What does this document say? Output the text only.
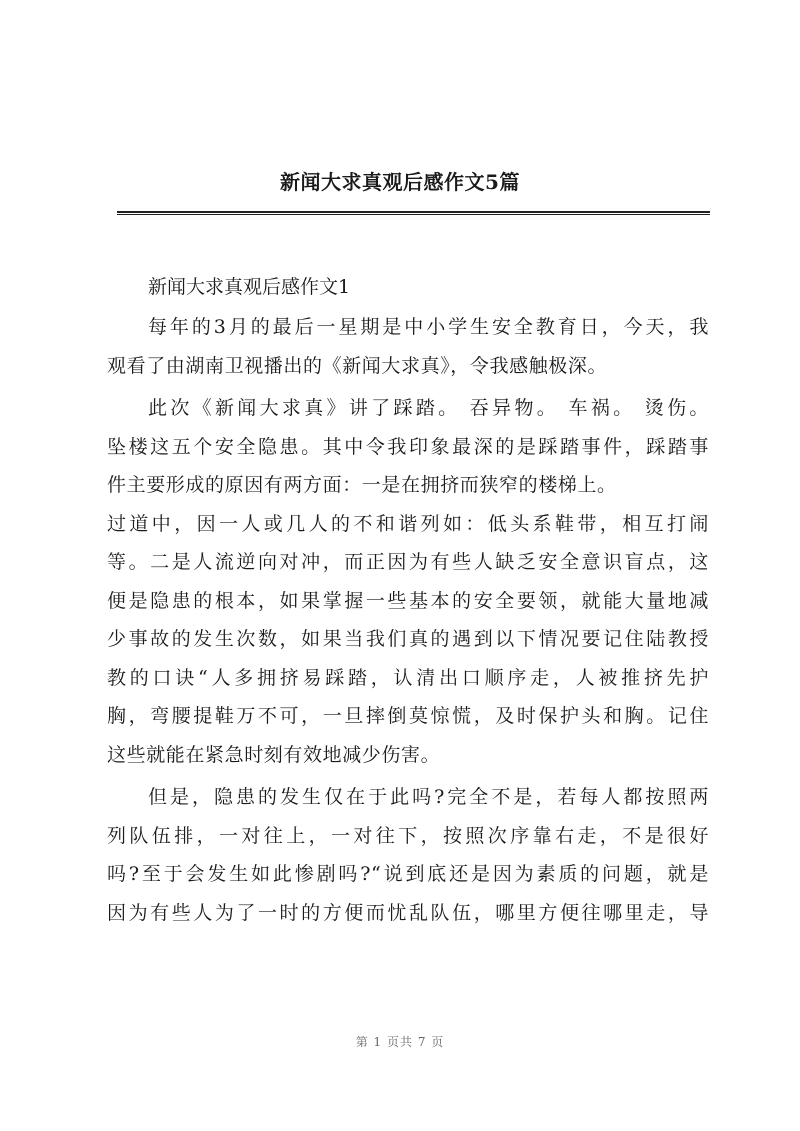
新闻大求真观后感作文5篇
新闻大求真观后感作文1
每年的3月的最后一星期是中小学生安全教育日，今天，我
观看了由湖南卫视播出的《新闻大求真》，令我感触极深。
此次《新闻大求真》讲了踩踏。 吞异物。 车祸。 烫伤。
坠楼这五个安全隐患。其中令我印象最深的是踩踏事件，踩踏事
件主要形成的原因有两方面：一是在拥挤而狭窄的楼梯上。
过道中，因一人或几人的不和谐列如：低头系鞋带，相互打闹
等。二是人流逆向对冲，而正因为有些人缺乏安全意识盲点，这
便是隐患的根本，如果掌握一些基本的安全要领，就能大量地减
少事故的发生次数，如果当我们真的遇到以下情况要记住陆教授
教的口诀“人多拥挤易踩踏，认清出口顺序走，人被推挤先护
胸，弯腰提鞋万不可，一旦摔倒莫惊慌，及时保护头和胸。记住
这些就能在紧急时刻有效地减少伤害。
但是，隐患的发生仅在于此吗?完全不是，若每人都按照两
列队伍排，一对往上，一对往下，按照次序靠右走，不是很好
吗?至于会发生如此惨剧吗?“说到底还是因为素质的问题，就是
因为有些人为了一时的方便而忧乱队伍，哪里方便往哪里走，导
第 1 页共 7 页
